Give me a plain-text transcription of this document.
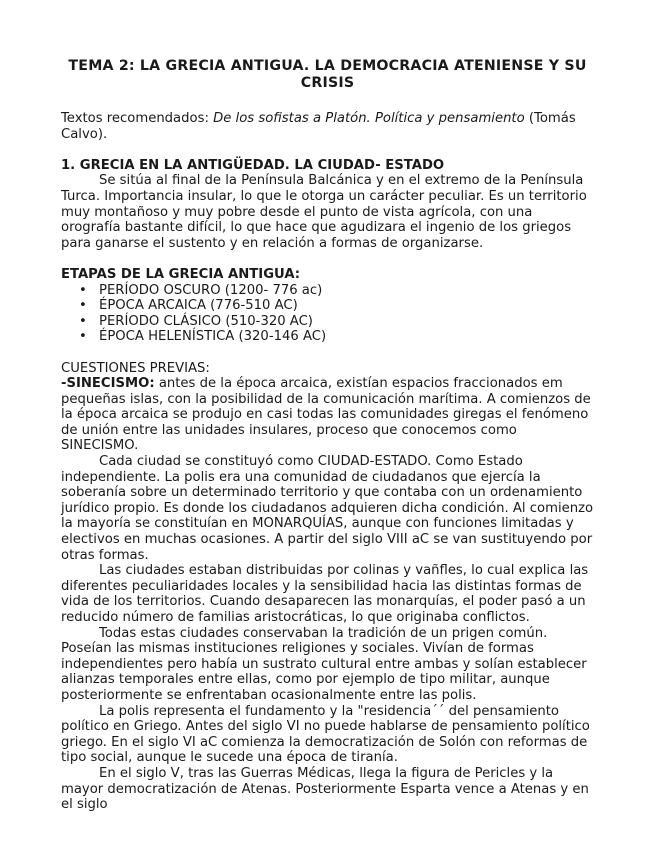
TEMA 2: LA GRECIA ANTIGUA. LA DEMOCRACIA ATENIENSE Y SU CRISIS

Textos recomendados: De los sofistas a Platón. Política y pensamiento (Tomás Calvo).

1. GRECIA EN LA ANTIGÜEDAD. LA CIUDAD- ESTADO

Se sitúa al final de la Península Balcánica y en el extremo de la Península Turca. Importancia insular, lo que le otorga un carácter peculiar. Es un territorio muy montañoso y muy pobre desde el punto de vista agrícola, con una orografía bastante difícil, lo que hace que agudizara el ingenio de los griegos para ganarse el sustento y en relación a formas de organizarse.

ETAPAS DE LA GRECIA ANTIGUA:

• PERÍODO OSCURO (1200- 776 ac)
• ÉPOCA ARCAICA (776-510 AC)
• PERÍODO CLÁSICO (510-320 AC)
• ÉPOCA HELENÍSTICA (320-146 AC)

CUESTIONES PREVIAS:

-SINECISMO: antes de la época arcaica, existían espacios fraccionados em pequeñas islas, con la posibilidad de la comunicación marítima. A comienzos de la época arcaica se produjo en casi todas las comunidades giregas el fenómeno de unión entre las unidades insulares, proceso que conocemos como SINECISMO.

Cada ciudad se constituyó como CIUDAD-ESTADO. Como Estado independiente. La polis era una comunidad de ciudadanos que ejercía la soberanía sobre un determinado territorio y que contaba con un ordenamiento jurídico propio. Es donde los ciudadanos adquieren dicha condición. Al comienzo la mayoría se constituían en MONARQUÍAS, aunque con funciones limitadas y electivos en muchas ocasiones. A partir del siglo VIII aC se van sustituyendo por otras formas.

Las ciudades estaban distribuidas por colinas y vañfles, lo cual explica las diferentes peculiaridades locales y la sensibilidad hacia las distintas formas de vida de los territorios. Cuando desaparecen las monarquías, el poder pasó a un reducido número de familias aristocráticas, lo que originaba conflictos.

Todas estas ciudades conservaban la tradición de un prigen común. Poseían las mismas instituciones religiones y sociales. Vivían de formas independientes pero había un sustrato cultural entre ambas y solían establecer alianzas temporales entre ellas, como por ejemplo de tipo militar, aunque posteriormente se enfrentaban ocasionalmente entre las polis.

La polis representa el fundamento y la "residencia´´ del pensamiento político en Griego. Antes del siglo VI no puede hablarse de pensamiento político griego. En el siglo VI aC comienza la democratización de Solón con reformas de tipo social, aunque le sucede una época de tiranía.

En el siglo V, tras las Guerras Médicas, llega la figura de Pericles y la mayor democratización de Atenas. Posteriormente Esparta vence a Atenas y en el siglo
